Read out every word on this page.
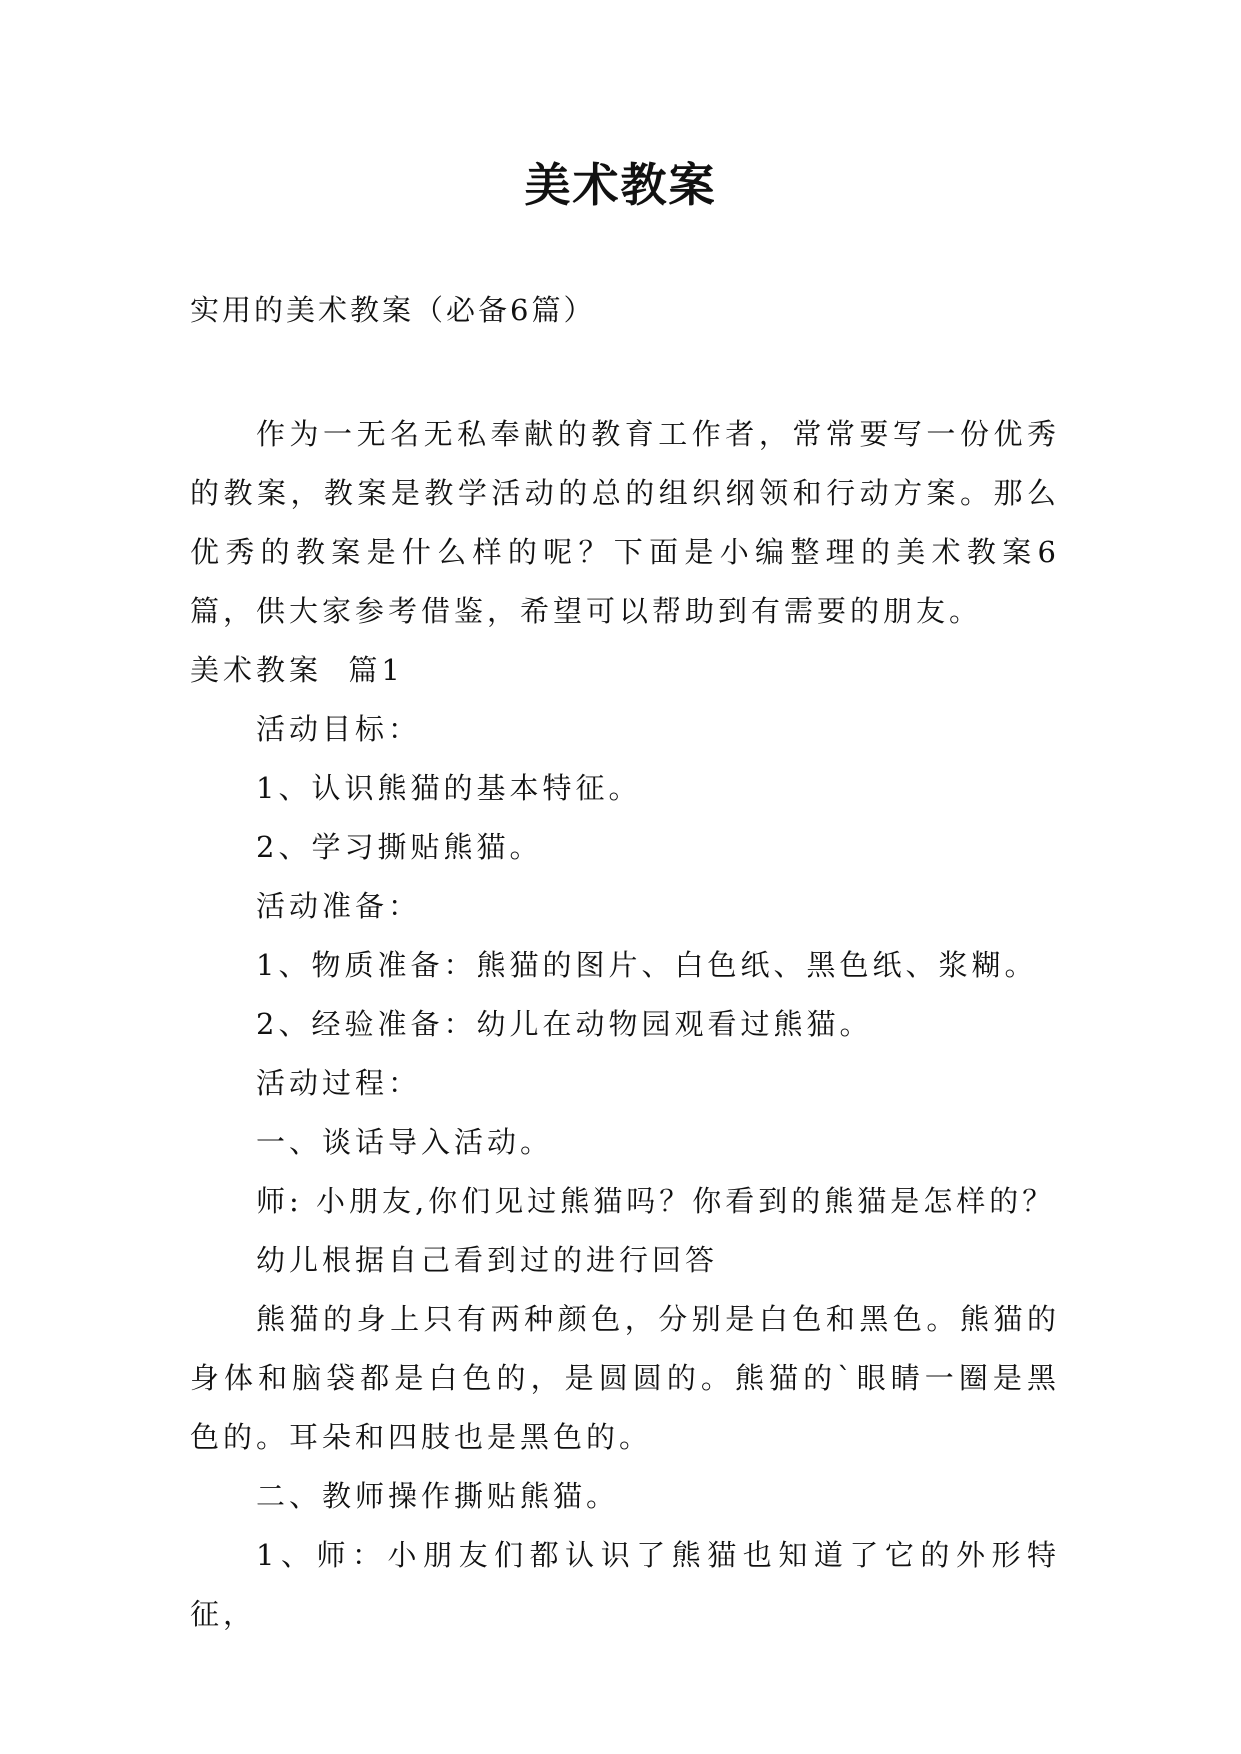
美术教案
实用的美术教案（必备6篇）

作为一无名无私奉献的教育工作者，常常要写一份优秀的教案，教案是教学活动的总的组织纲领和行动方案。那么优秀的教案是什么样的呢？下面是小编整理的美术教案6篇，供大家参考借鉴，希望可以帮助到有需要的朋友。

美术教案  篇1

活动目标：

1、认识熊猫的基本特征。

2、学习撕贴熊猫。

活动准备：

1、物质准备：熊猫的图片、白色纸、黑色纸、浆糊。

2、经验准备：幼儿在动物园观看过熊猫。

活动过程：

一、谈话导入活动。

师: 小朋友,你们见过熊猫吗？你看到的熊猫是怎样的？

幼儿根据自己看到过的进行回答

熊猫的身上只有两种颜色，分别是白色和黑色。熊猫的身体和脑袋都是白色的，是圆圆的。熊猫的`眼睛一圈是黑色的。耳朵和四肢也是黑色的。

二、教师操作撕贴熊猫。

1、师：小朋友们都认识了熊猫也知道了它的外形特征，
